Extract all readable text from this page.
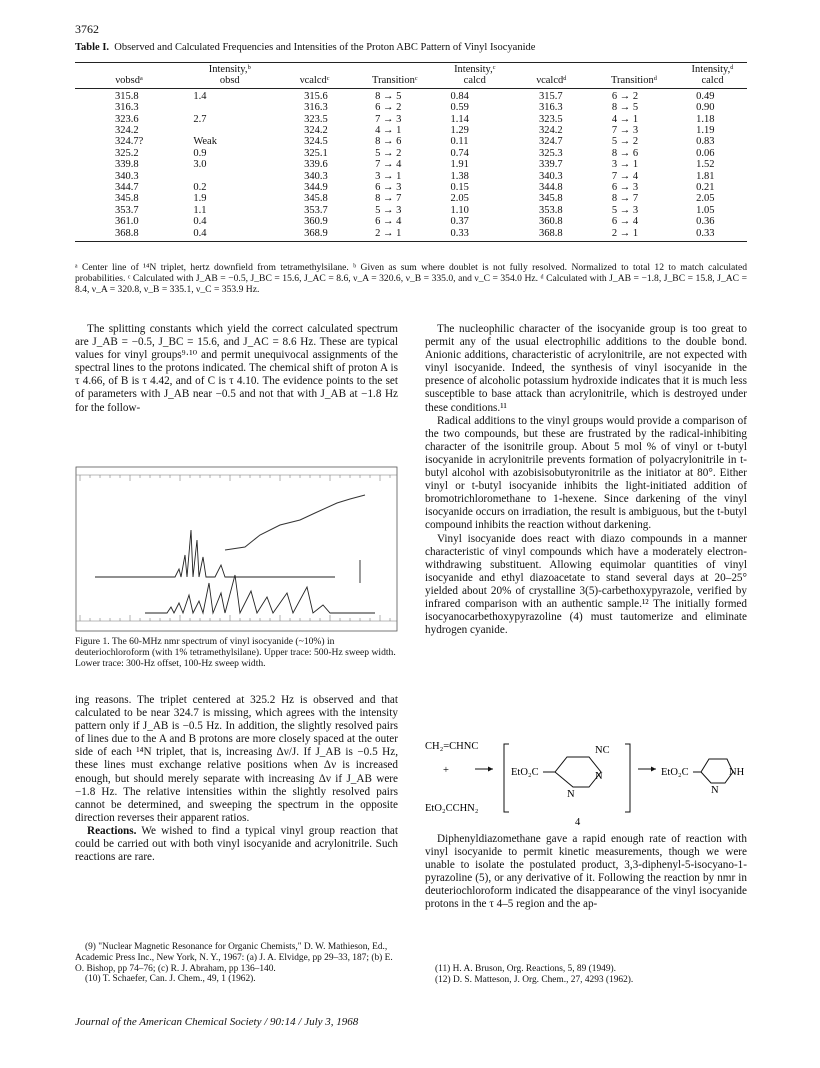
3762
Table I. Observed and Calculated Frequencies and Intensities of the Proton ABC Pattern of Vinyl Isocyanide
	Intensity,ᵇ			Intensity,ᶜ			Intensity,ᵈ
νobsdᵃ	obsd	νcalcdᶜ	Transitionᶜ	calcd	νcalcdᵈ	Transitionᵈ	calcd
315.8	1.4	315.6	8 → 5	0.84	315.7	6 → 2	0.49
316.3		316.3	6 → 2	0.59	316.3	8 → 5	0.90
323.6	2.7	323.5	7 → 3	1.14	323.5	4 → 1	1.18
324.2		324.2	4 → 1	1.29	324.2	7 → 3	1.19
324.7?	Weak	324.5	8 → 6	0.11	324.7	5 → 2	0.83
325.2	0.9	325.1	5 → 2	0.74	325.3	8 → 6	0.06
339.8	3.0	339.6	7 → 4	1.91	339.7	3 → 1	1.52
340.3		340.3	3 → 1	1.38	340.3	7 → 4	1.81
344.7	0.2	344.9	6 → 3	0.15	344.8	6 → 3	0.21
345.8	1.9	345.8	8 → 7	2.05	345.8	8 → 7	2.05
353.7	1.1	353.7	5 → 3	1.10	353.8	5 → 3	1.05
361.0	0.4	360.9	6 → 4	0.37	360.8	6 → 4	0.36
368.8	0.4	368.9	2 → 1	0.33	368.8	2 → 1	0.33
ᵃ Center line of ¹⁴N triplet, hertz downfield from tetramethylsilane. ᵇ Given as sum where doublet is not fully resolved. Normalized to total 12 to match calculated probabilities. ᶜ Calculated with J_AB = −0.5, J_BC = 15.6, J_AC = 8.6, ν_A = 320.6, ν_B = 335.0, and ν_C = 354.0 Hz. ᵈ Calculated with J_AB = −1.8, J_BC = 15.8, J_AC = 8.4, ν_A = 320.8, ν_B = 335.1, ν_C = 353.9 Hz.

The splitting constants which yield the correct calculated spectrum are J_AB = −0.5, J_BC = 15.6, and J_AC = 8.6 Hz. These are typical values for vinyl groups⁹·¹⁰ and permit unequivocal assignments of the spectral lines to the protons indicated. The chemical shift of proton A is τ 4.66, of B is τ 4.42, and of C is τ 4.10. The evidence points to the set of parameters with J_AB near −0.5 and not that with J_AB at −1.8 Hz for the follow-

Figure 1. The 60-MHz nmr spectrum of vinyl isocyanide (~10%) in deuteriochloroform (with 1% tetramethylsilane). Upper trace: 500-Hz sweep width. Lower trace: 300-Hz offset, 100-Hz sweep width.

ing reasons. The triplet centered at 325.2 Hz is observed and that calculated to be near 324.7 is missing, which agrees with the intensity pattern only if J_AB is −0.5 Hz. In addition, the slightly resolved pairs of lines due to the A and B protons are more closely spaced at the outer side of each ¹⁴N triplet, that is, increasing Δν/J. If J_AB is −0.5 Hz, these lines must exchange relative positions when Δν is increased enough, but should merely separate with increasing Δν if J_AB were −1.8 Hz. The relative intensities within the slightly resolved pairs cannot be determined, and sweeping the spectrum in the opposite direction reverses their apparent ratios.

Reactions. We wished to find a typical vinyl group reaction that could be carried out with both vinyl isocyanide and acrylonitrile. Such reactions are rare.

(9) "Nuclear Magnetic Resonance for Organic Chemists," D. W. Mathieson, Ed., Academic Press Inc., New York, N. Y., 1967: (a) J. A. Elvidge, pp 29–33, 187; (b) E. O. Bishop, pp 74–76; (c) R. J. Abraham, pp 136–140.
(10) T. Schaefer, Can. J. Chem., 49, 1 (1962).

The nucleophilic character of the isocyanide group is too great to permit any of the usual electrophilic additions to the double bond. Anionic additions, characteristic of acrylonitrile, are not expected with vinyl isocyanide. Indeed, the synthesis of vinyl isocyanide in the presence of alcoholic potassium hydroxide indicates that it is much less susceptible to base attack than acrylonitrile, which is destroyed under these conditions.¹¹

Radical additions to the vinyl groups would provide a comparison of the two compounds, but these are frustrated by the radical-inhibiting character of the isonitrile group. About 5 mol % of vinyl or t-butyl isocyanide in acrylonitrile prevents formation of polyacrylonitrile in t-butyl alcohol with azobisisobutyronitrile as the initiator at 80°. Either vinyl or t-butyl isocyanide inhibits the light-initiated addition of bromotrichloromethane to 1-hexene. Since darkening of the vinyl isocyanide occurs on irradiation, the result is ambiguous, but the t-butyl compound inhibits the reaction without darkening.

Vinyl isocyanide does react with diazo compounds in a manner characteristic of vinyl compounds which have a moderately electron-withdrawing substituent. Allowing equimolar quantities of vinyl isocyanide and ethyl diazoacetate to stand several days at 20–25° yielded about 20% of crystalline 3(5)-carbethoxypyrazole, verified by infrared comparison with an authentic sample.¹² The initially formed isocyanocarbethoxypyrazoline (4) must tautomerize and eliminate hydrogen cyanide.

CH₂=CHNC
+
EtO₂CCHN₂
EtO₂C
NC
N
N
4
EtO₂C
N
NH

Diphenyldiazomethane gave a rapid enough rate of reaction with vinyl isocyanide to permit kinetic measurements, though we were unable to isolate the postulated product, 3,3-diphenyl-5-isocyano-1-pyrazoline (5), or any derivative of it. Following the reaction by nmr in deuteriochloroform indicated the disappearance of the vinyl isocyanide protons in the τ 4–5 region and the ap-

(11) H. A. Bruson, Org. Reactions, 5, 89 (1949).
(12) D. S. Matteson, J. Org. Chem., 27, 4293 (1962).
Journal of the American Chemical Society / 90:14 / July 3, 1968
